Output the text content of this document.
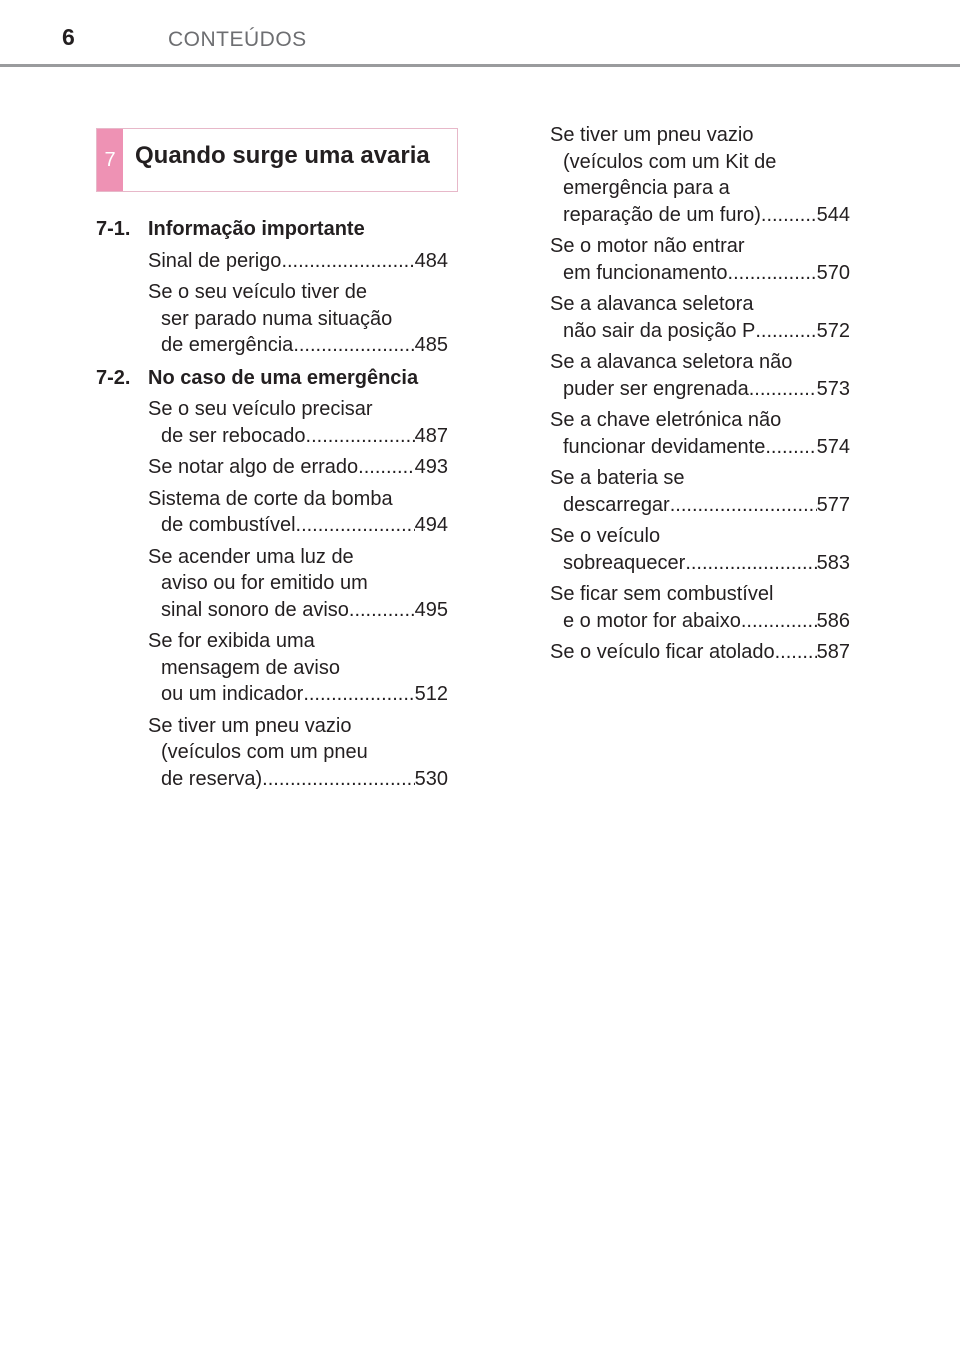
6	CONTEÚDOS
7 Quando surge uma avaria
7-1. Informação importante
Sinal de perigo .....	484
Se o seu veículo tiver de
ser parado numa situação
de emergência .....	485
7-2. No caso de uma emergência
Se o seu veículo precisar
de ser rebocado .....	487
Se notar algo de errado .....	493
Sistema de corte da bomba
de combustível .....	494
Se acender uma luz de
aviso ou for emitido um
sinal sonoro de aviso .....	495
Se for exibida uma
mensagem de aviso
ou um indicador .....	512
Se tiver um pneu vazio
(veículos com um pneu
de reserva) .....	530
Se tiver um pneu vazio
(veículos com um Kit de
emergência para a
reparação de um furo) .....	544
Se o motor não entrar
em funcionamento .....	570
Se a alavanca seletora
não sair da posição P .....	572
Se a alavanca seletora não
puder ser engrenada .....	573
Se a chave eletrónica não
funcionar devidamente .....	574
Se a bateria se
descarregar .....	577
Se o veículo
sobreaquecer .....	583
Se ficar sem combustível
e o motor for abaixo .....	586
Se o veículo ficar atolado ..... 587
